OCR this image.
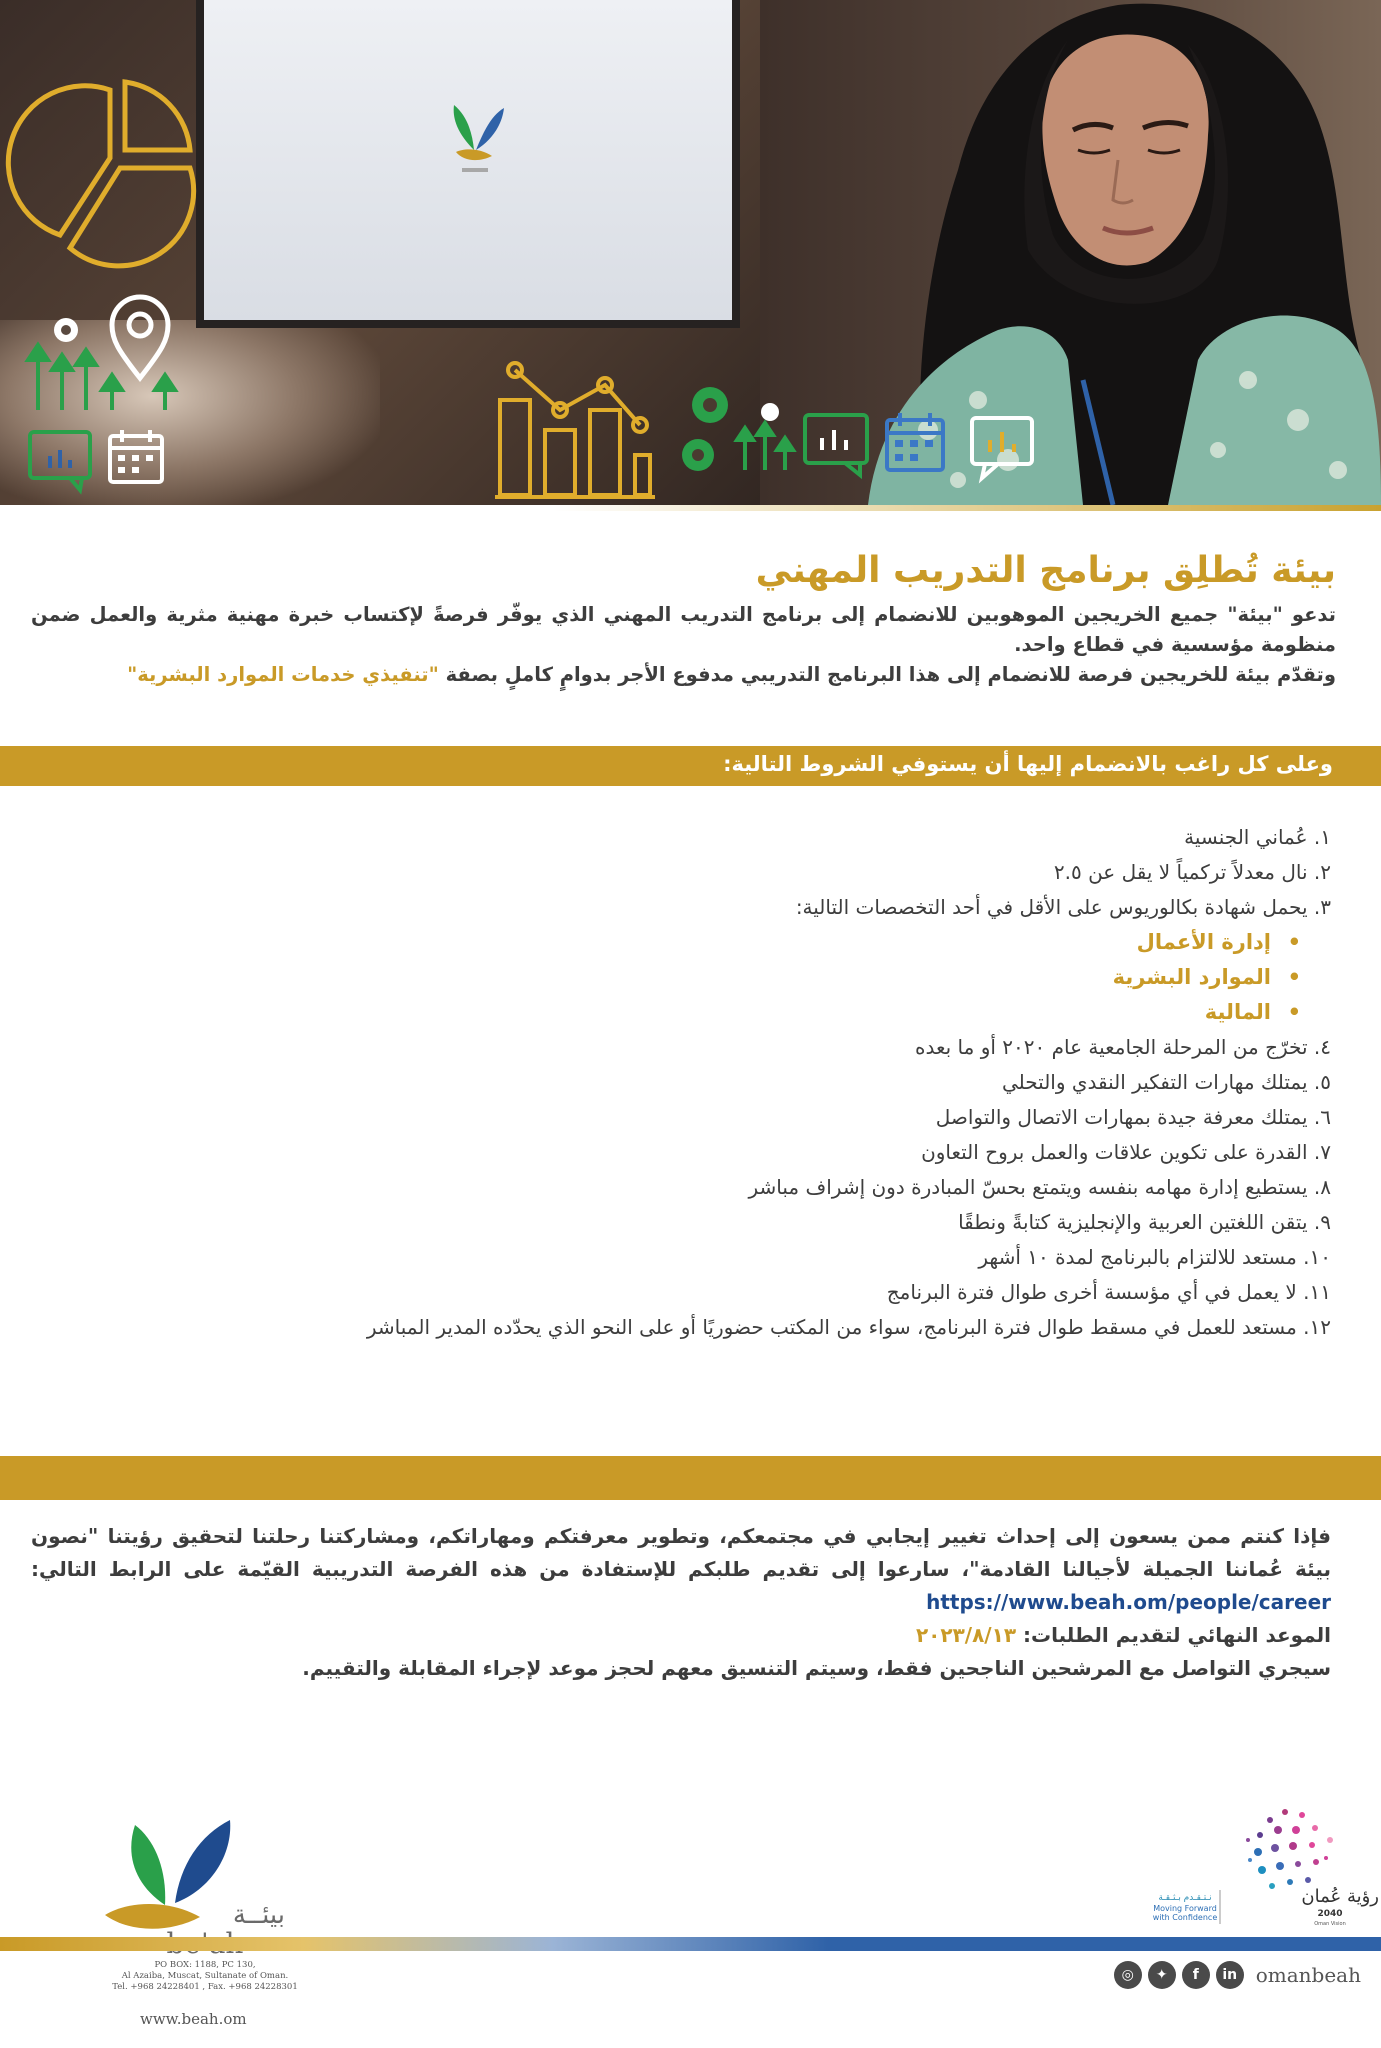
بيئة تُطلِق برنامج التدريب المهني

تدعو "بيئة" جميع الخريجين الموهوبين للانضمام إلى برنامج التدريب المهني الذي يوفّر فرصةً لإكتساب خبرة مهنية مثرية والعمل ضمن منظومة مؤسسية في قطاع واحد.

وتقدّم بيئة للخريجين فرصة للانضمام إلى هذا البرنامج التدريبي مدفوع الأجر بدوامٍ كاملٍ بصفة "تنفيذي خدمات الموارد البشرية"

وعلى كل راغب بالانضمام إليها أن يستوفي الشروط التالية:
١. عُماني الجنسية
٢. نال معدلاً تركمياً لا يقل عن ٢.٥
٣. يحمل شهادة بكالوريوس على الأقل في أحد التخصصات التالية:
• إدارة الأعمال
• الموارد البشرية
• المالية
٤. تخرّج من المرحلة الجامعية عام ٢٠٢٠ أو ما بعده
٥. يمتلك مهارات التفكير النقدي والتحلي
٦. يمتلك معرفة جيدة بمهارات الاتصال والتواصل
٧. القدرة على تكوين علاقات والعمل بروح التعاون
٨. يستطيع إدارة مهامه بنفسه ويتمتع بحسّ المبادرة دون إشراف مباشر
٩. يتقن اللغتين العربية والإنجليزية كتابةً ونطقًا
١٠. مستعد للالتزام بالبرنامج لمدة ١٠ أشهر
١١. لا يعمل في أي مؤسسة أخرى طوال فترة البرنامج
١٢. مستعد للعمل في مسقط طوال فترة البرنامج، سواء من المكتب حضوريًا أو على النحو الذي يحدّده المدير المباشر

فإذا كنتم ممن يسعون إلى إحداث تغيير إيجابي في مجتمعكم، وتطوير معرفتكم ومهاراتكم، ومشاركتنا رحلتنا لتحقيق رؤيتنا "نصون بيئة عُماننا الجميلة لأجيالنا القادمة"، سارعوا إلى تقديم طلبكم للإستفادة من هذه الفرصة التدريبية القيّمة على الرابط التالي: https://www.beah.om/people/career

الموعد النهائي لتقديم الطلبات: ٢٠٢٣/٨/١٣

سيجري التواصل مع المرشحين الناجحين فقط، وسيتم التنسيق معهم لحجز موعد لإجراء المقابلة والتقييم.

بيئــة
PO BOX: 1188, PC 130,
Al Azaiba, Muscat, Sultanate of Oman.
Tel. +968 24228401 , Fax. +968 24228301
www.beah.om
رؤية عُمان
2040
Oman Vision
نـتـقـدم بـثـقـة
Moving Forward
with Confidence
◎	✦	f	in omanbeah
